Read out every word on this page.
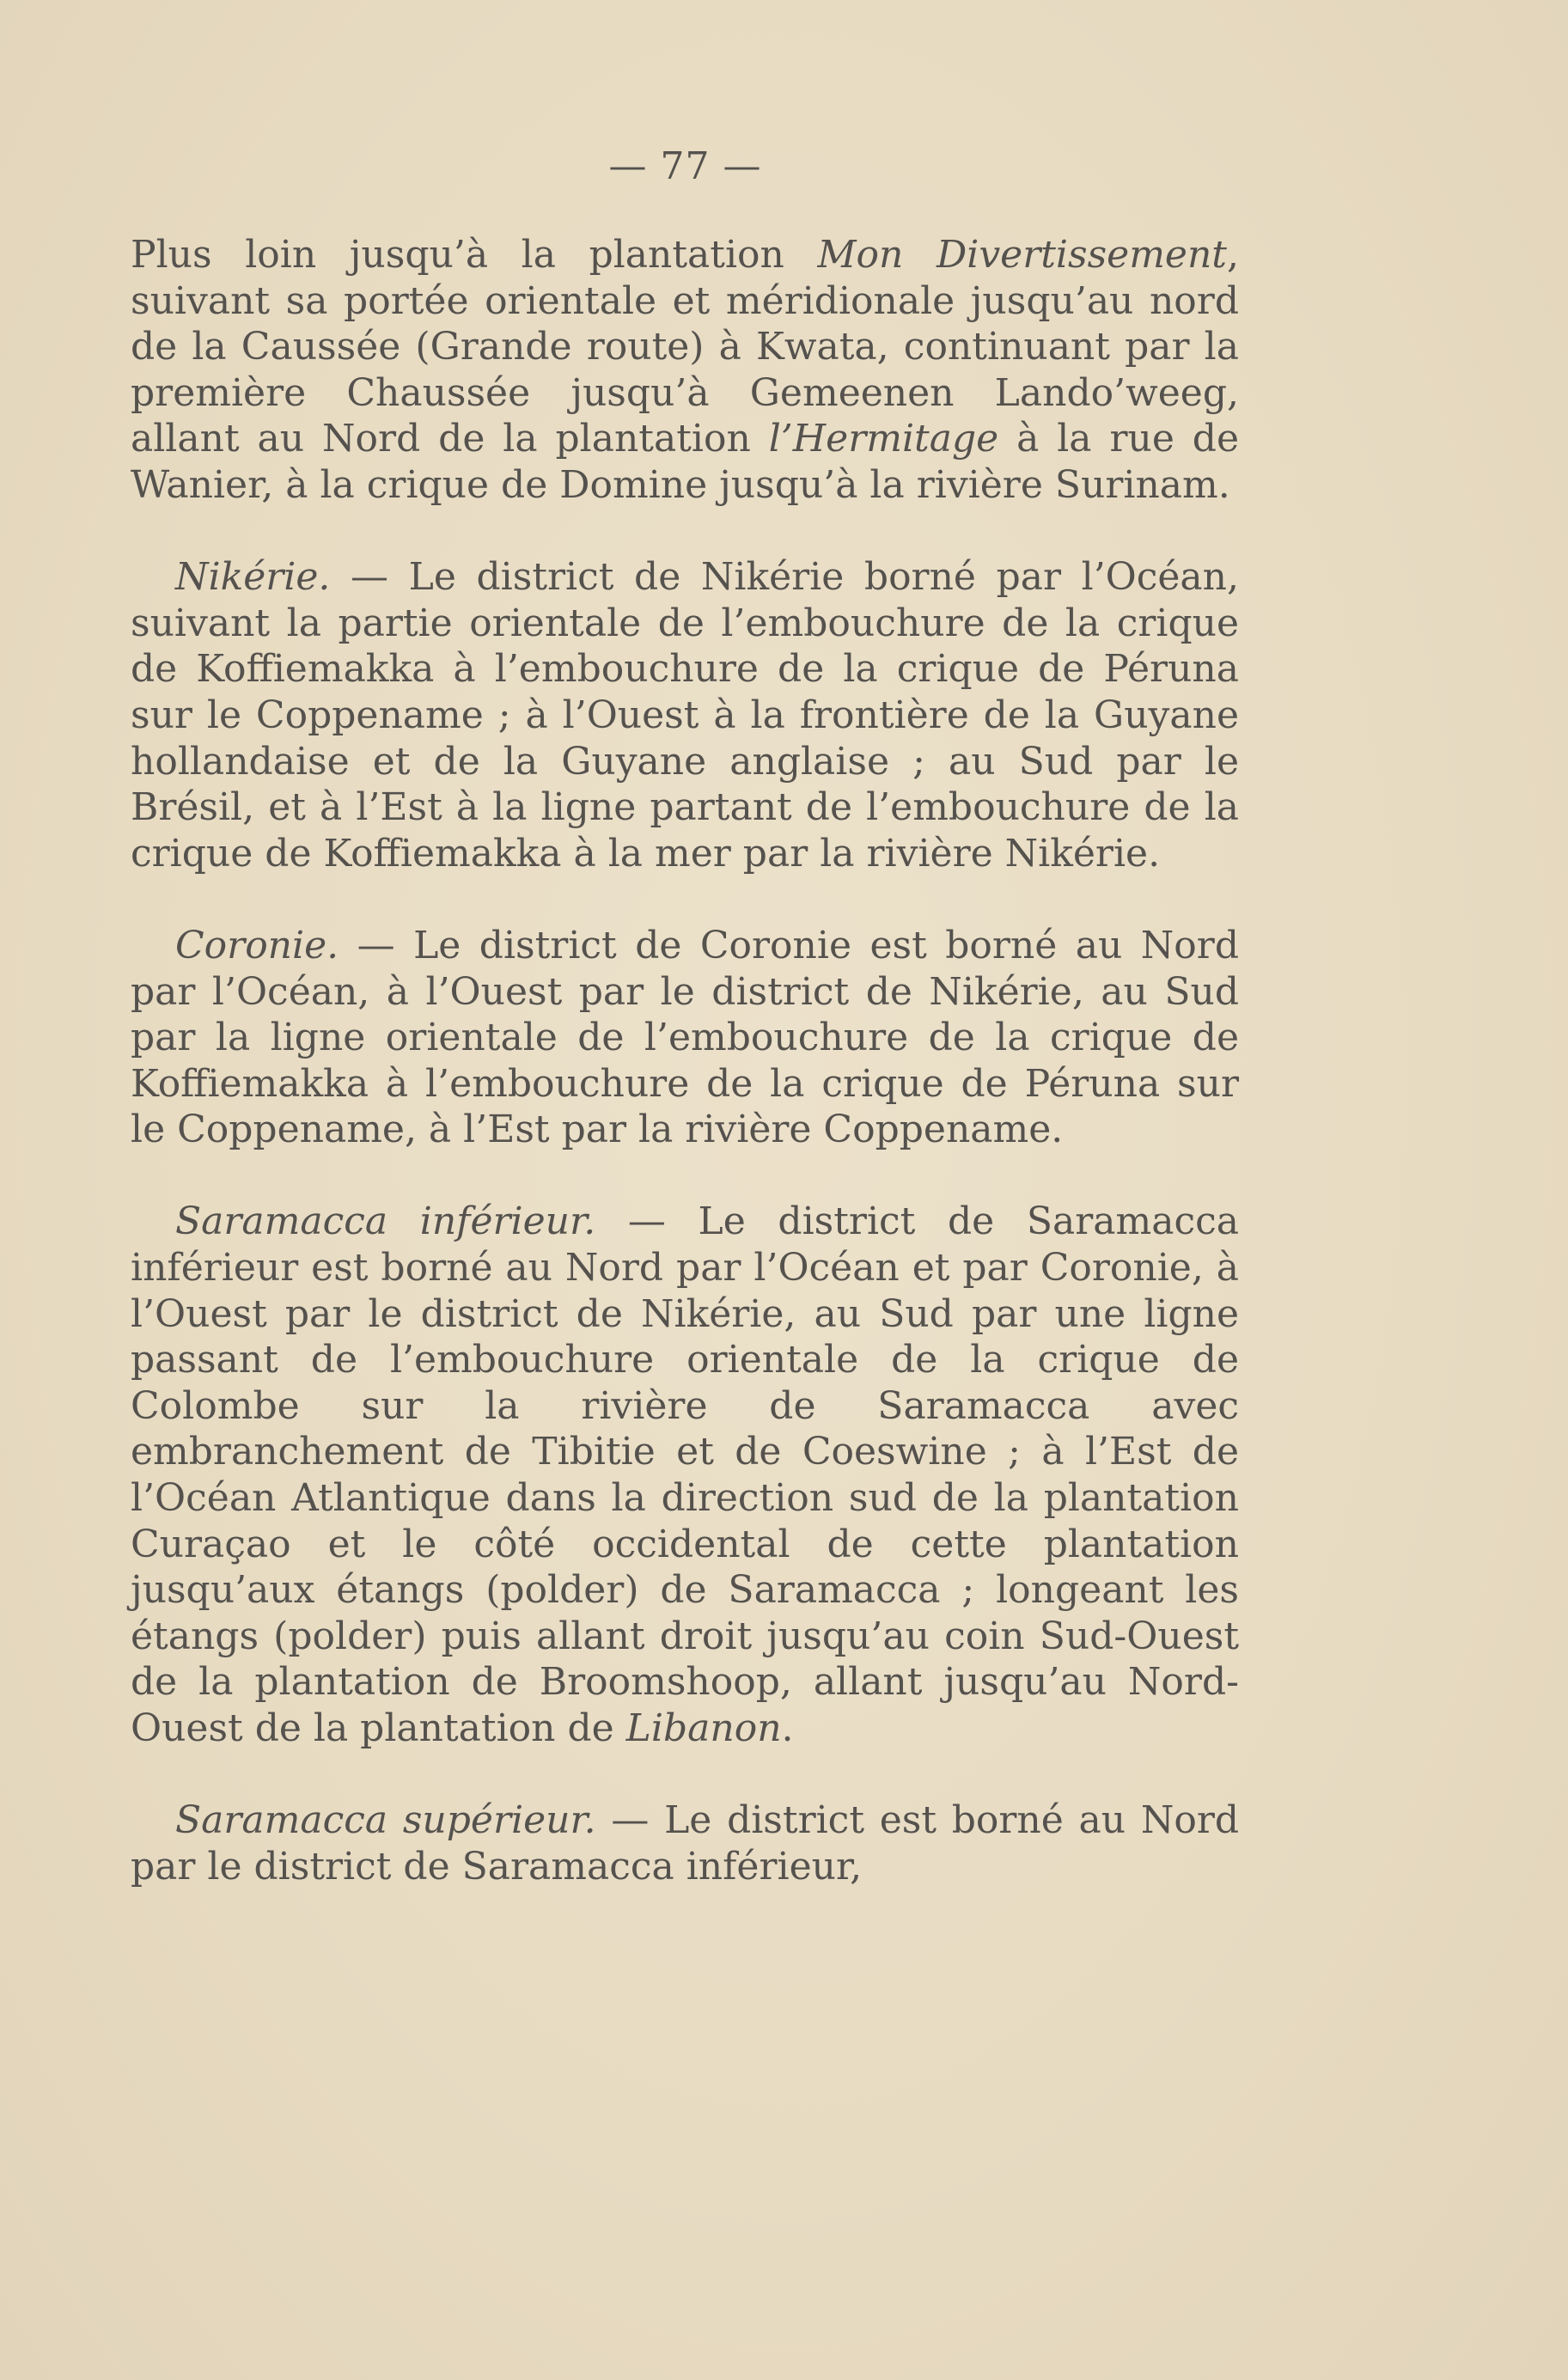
— 77 —

Plus loin jusqu’à la plantation Mon Divertissement, suivant sa portée orientale et méridionale jusqu’au nord de la Caussée (Grande route) à Kwata, continuant par la première Chaussée jusqu’à Gemeenen Lando’weeg, allant au Nord de la plantation l’Hermitage à la rue de Wanier, à la crique de Domine jusqu’à la rivière Surinam.

Nikérie. — Le district de Nikérie borné par l’Océan, suivant la partie orientale de l’embouchure de la crique de Koffiemakka à l’embouchure de la crique de Péruna sur le Coppename ; à l’Ouest à la frontière de la Guyane hollandaise et de la Guyane anglaise ; au Sud par le Brésil, et à l’Est à la ligne partant de l’embouchure de la crique de Koffiemakka à la mer par la rivière Nikérie.

Coronie. — Le district de Coronie est borné au Nord par l’Océan, à l’Ouest par le district de Nikérie, au Sud par la ligne orientale de l’embouchure de la crique de Koffiemakka à l’embouchure de la crique de Péruna sur le Coppename, à l’Est par la rivière Coppename.

Saramacca inférieur. — Le district de Saramacca inférieur est borné au Nord par l’Océan et par Coronie, à l’Ouest par le district de Nikérie, au Sud par une ligne passant de l’embouchure orientale de la crique de Colombe sur la rivière de Saramacca avec embranchement de Tibitie et de Coeswine ; à l’Est de l’Océan Atlantique dans la direction sud de la plantation Curaçao et le côté occidental de cette plantation jusqu’aux étangs (polder) de Saramacca ; longeant les étangs (polder) puis allant droit jusqu’au coin Sud-Ouest de la plantation de Broomshoop, allant jusqu’au Nord-Ouest de la plantation de Libanon.

Saramacca supérieur. — Le district est borné au Nord par le district de Saramacca inférieur,
